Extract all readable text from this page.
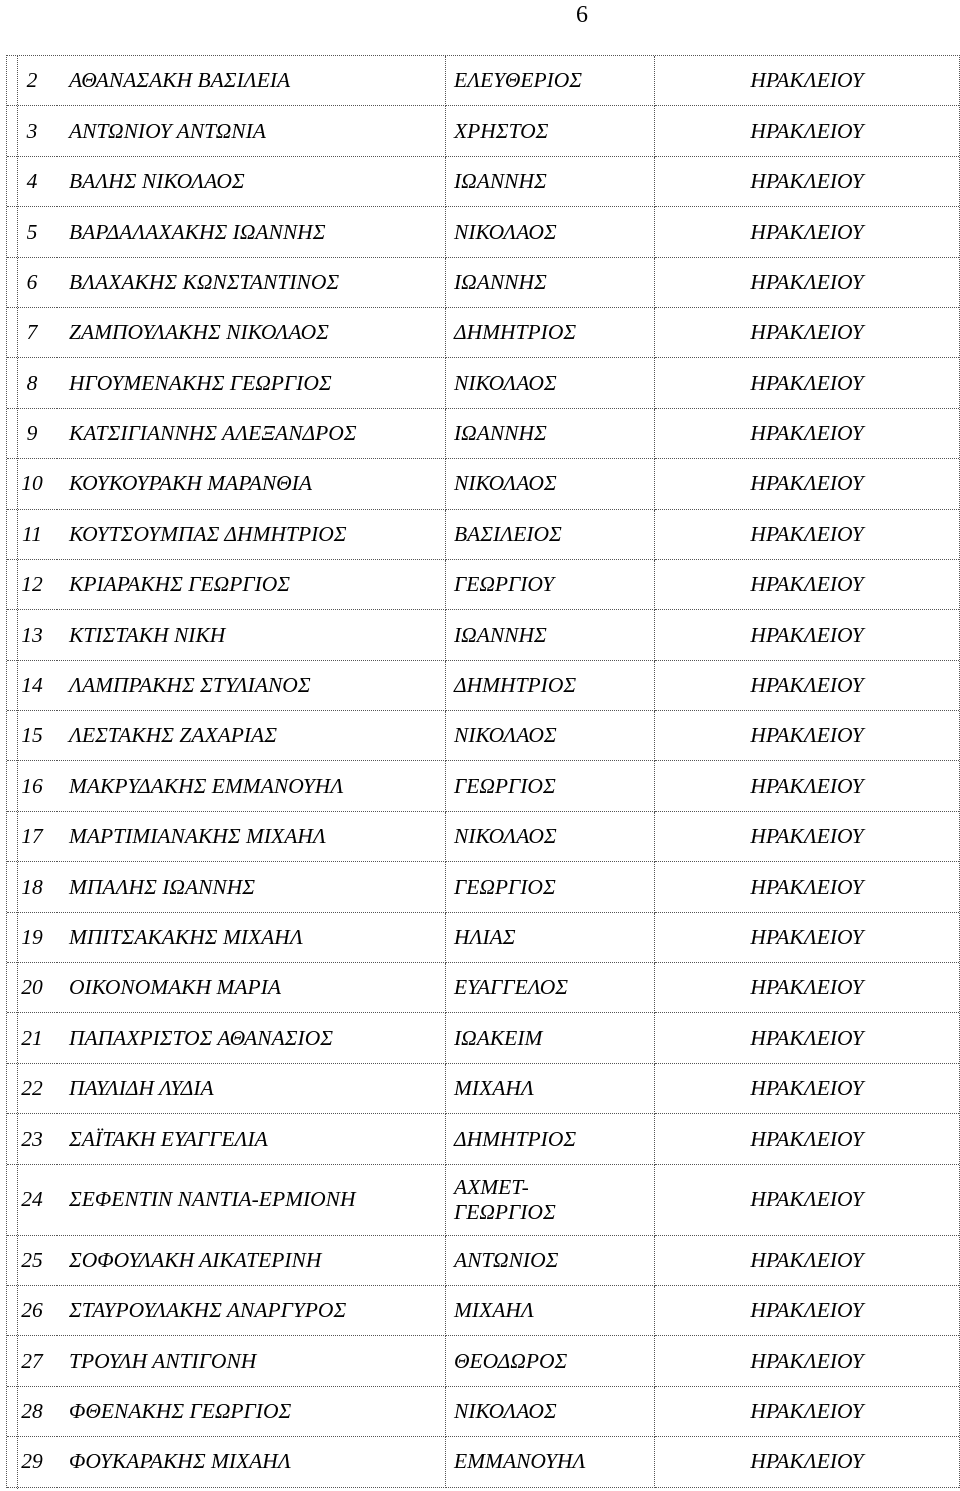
6
2	ΑΘΑΝΑΣΑΚΗ ΒΑΣΙΛΕΙΑ	ΕΛΕΥΘΕΡΙΟΣ	ΗΡΑΚΛΕΙΟΥ
3	ΑΝΤΩΝΙΟΥ ΑΝΤΩΝΙΑ	ΧΡΗΣΤΟΣ	ΗΡΑΚΛΕΙΟΥ
4	ΒΑΛΗΣ ΝΙΚΟΛΑΟΣ	ΙΩΑΝΝΗΣ	ΗΡΑΚΛΕΙΟΥ
5	ΒΑΡΔΑΛΑΧΑΚΗΣ ΙΩΑΝΝΗΣ	ΝΙΚΟΛΑΟΣ	ΗΡΑΚΛΕΙΟΥ
6	ΒΛΑΧΑΚΗΣ ΚΩΝΣΤΑΝΤΙΝΟΣ	ΙΩΑΝΝΗΣ	ΗΡΑΚΛΕΙΟΥ
7	ΖΑΜΠΟΥΛΑΚΗΣ ΝΙΚΟΛΑΟΣ	ΔΗΜΗΤΡΙΟΣ	ΗΡΑΚΛΕΙΟΥ
8	ΗΓΟΥΜΕΝΑΚΗΣ ΓΕΩΡΓΙΟΣ	ΝΙΚΟΛΑΟΣ	ΗΡΑΚΛΕΙΟΥ
9	ΚΑΤΣΙΓΙΑΝΝΗΣ ΑΛΕΞΑΝΔΡΟΣ	ΙΩΑΝΝΗΣ	ΗΡΑΚΛΕΙΟΥ
10	ΚΟΥΚΟΥΡΑΚΗ ΜΑΡΑΝΘΙΑ	ΝΙΚΟΛΑΟΣ	ΗΡΑΚΛΕΙΟΥ
11	ΚΟΥΤΣΟΥΜΠΑΣ ΔΗΜΗΤΡΙΟΣ	ΒΑΣΙΛΕΙΟΣ	ΗΡΑΚΛΕΙΟΥ
12	ΚΡΙΑΡΑΚΗΣ ΓΕΩΡΓΙΟΣ	ΓΕΩΡΓΙΟΥ	ΗΡΑΚΛΕΙΟΥ
13	ΚΤΙΣΤΑΚΗ ΝΙΚΗ	ΙΩΑΝΝΗΣ	ΗΡΑΚΛΕΙΟΥ
14	ΛΑΜΠΡΑΚΗΣ ΣΤΥΛΙΑΝΟΣ	ΔΗΜΗΤΡΙΟΣ	ΗΡΑΚΛΕΙΟΥ
15	ΛΕΣΤΑΚΗΣ ΖΑΧΑΡΙΑΣ	ΝΙΚΟΛΑΟΣ	ΗΡΑΚΛΕΙΟΥ
16	ΜΑΚΡΥΔΑΚΗΣ ΕΜΜΑΝΟΥΗΛ	ΓΕΩΡΓΙΟΣ	ΗΡΑΚΛΕΙΟΥ
17	ΜΑΡΤΙΜΙΑΝΑΚΗΣ ΜΙΧΑΗΛ	ΝΙΚΟΛΑΟΣ	ΗΡΑΚΛΕΙΟΥ
18	ΜΠΑΛΗΣ ΙΩΑΝΝΗΣ	ΓΕΩΡΓΙΟΣ	ΗΡΑΚΛΕΙΟΥ
19	ΜΠΙΤΣΑΚΑΚΗΣ ΜΙΧΑΗΛ	ΗΛΙΑΣ	ΗΡΑΚΛΕΙΟΥ
20	ΟΙΚΟΝΟΜΑΚΗ ΜΑΡΙΑ	ΕΥΑΓΓΕΛΟΣ	ΗΡΑΚΛΕΙΟΥ
21	ΠΑΠΑΧΡΙΣΤΟΣ ΑΘΑΝΑΣΙΟΣ	ΙΩΑΚΕΙΜ	ΗΡΑΚΛΕΙΟΥ
22	ΠΑΥΛΙΔΗ ΛΥΔΙΑ	ΜΙΧΑΗΛ	ΗΡΑΚΛΕΙΟΥ
23	ΣΑΪΤΑΚΗ ΕΥΑΓΓΕΛΙΑ	ΔΗΜΗΤΡΙΟΣ	ΗΡΑΚΛΕΙΟΥ
24	ΣΕΦΕΝΤΙΝ ΝΑΝΤΙΑ-ΕΡΜΙΟΝΗ	ΑΧΜΕΤ-ΓΕΩΡΓΙΟΣ	ΗΡΑΚΛΕΙΟΥ
25	ΣΟΦΟΥΛΑΚΗ ΑΙΚΑΤΕΡΙΝΗ	ΑΝΤΩΝΙΟΣ	ΗΡΑΚΛΕΙΟΥ
26	ΣΤΑΥΡΟΥΛΑΚΗΣ ΑΝΑΡΓΥΡΟΣ	ΜΙΧΑΗΛ	ΗΡΑΚΛΕΙΟΥ
27	ΤΡΟΥΛΗ ΑΝΤΙΓΟΝΗ	ΘΕΟΔΩΡΟΣ	ΗΡΑΚΛΕΙΟΥ
28	ΦΘΕΝΑΚΗΣ ΓΕΩΡΓΙΟΣ	ΝΙΚΟΛΑΟΣ	ΗΡΑΚΛΕΙΟΥ
29	ΦΟΥΚΑΡΑΚΗΣ ΜΙΧΑΗΛ	ΕΜΜΑΝΟΥΗΛ	ΗΡΑΚΛΕΙΟΥ
